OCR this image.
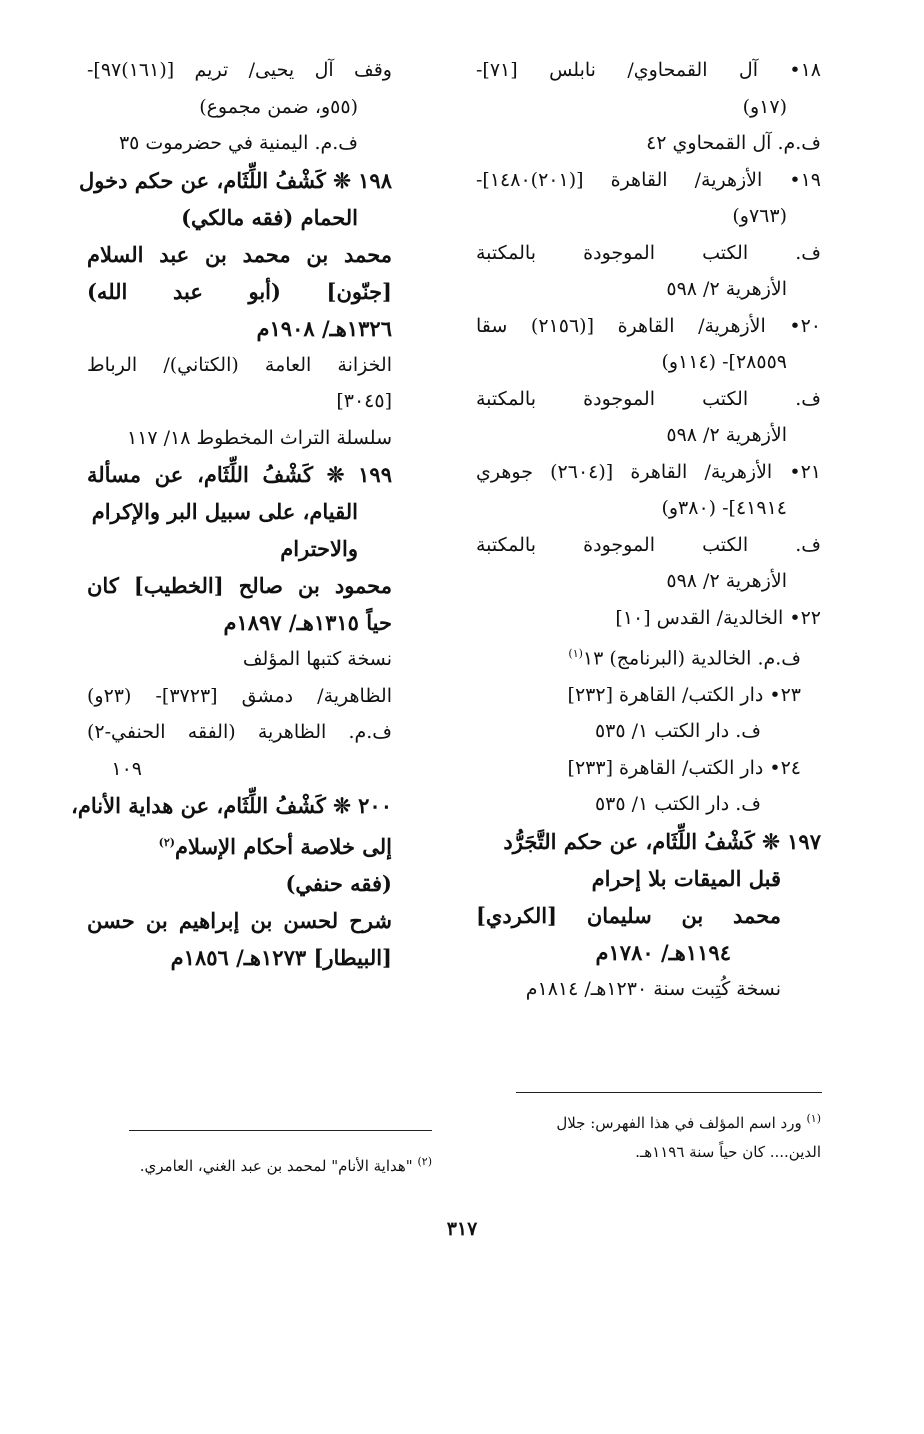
١٨• آل القمحاوي/ نابلس [٧١]-
(١٧و)
ف.م. آل القمحاوي ٤٢
١٩• الأزهرية/ القاهرة [(٢٠١)١٤٨٠]-
(٧٦٣و)
ف. الكتب الموجودة بالمكتبة
الأزهرية ٢/ ٥٩٨
٢٠• الأزهرية/ القاهرة [(٢١٥٦) سقا
٢٨٥٥٩]- (١١٤و)
ف. الكتب الموجودة بالمكتبة
الأزهرية ٢/ ٥٩٨
٢١• الأزهرية/ القاهرة [(٢٦٠٤) جوهري
٤١٩١٤]- (٣٨٠و)
ف. الكتب الموجودة بالمكتبة
الأزهرية ٢/ ٥٩٨
٢٢• الخالدية/ القدس [١٠]
ف.م. الخالدية (البرنامج) ١٣$^{(١)}$
٢٣• دار الكتب/ القاهرة [٢٣٢]
ف. دار الكتب ١/ ٥٣٥
٢٤• دار الكتب/ القاهرة [٢٣٣]
ف. دار الكتب ١/ ٥٣٥
١٩٧ ❊ كَشْفُ اللِّثَام، عن حكم التَّجَرُّد
قبل الميقات بلا إحرام
محمد بن سليمان [الكردي]
١١٩٤هـ/ ١٧٨٠م
نسخة كُتِبت سنة ١٢٣٠هـ/ ١٨١٤م
وقف آل يحيى/ تريم [(١٦١)٩٧]-
(٥٥و، ضمن مجموع)
ف.م. اليمنية في حضرموت ٣٥
١٩٨ ❊ كَشْفُ اللِّثَام، عن حكم دخول
الحمام (فقه مالكي)
محمد بن محمد بن عبد السلام
[جنّون] (أبو عبد الله)
١٣٢٦هـ/ ١٩٠٨م
الخزانة العامة (الكتاني)/ الرباط
[٣٠٤٥]
سلسلة التراث المخطوط ١٨/ ١١٧
١٩٩ ❊ كَشْفُ اللِّثَام، عن مسألة
القيام، على سبيل البر والإكرام
والاحترام
محمود بن صالح [الخطيب] كان
حياً ١٣١٥هـ/ ١٨٩٧م
نسخة كتبها المؤلف
الظاهرية/ دمشق [٣٧٢٣]- (٢٣و)
ف.م. الظاهرية (الفقه الحنفي-٢)
١٠٩
٢٠٠ ❊ كَشْفُ اللِّثَام، عن هداية الأنام،
إلى خلاصة أحكام الإسلام$^{(٢)}$
(فقه حنفي)
شرح لحسن بن إبراهيم بن حسن
[البيطار] ١٢٧٣هـ/ ١٨٥٦م
$^{(١)}$ ورد اسم المؤلف في هذا الفهرس: جلال
الدين.... كان حياً سنة ١١٩٦هـ.
$^{(٢)}$ "هداية الأنام" لمحمد بن عبد الغني، العامري.
٣١٧
